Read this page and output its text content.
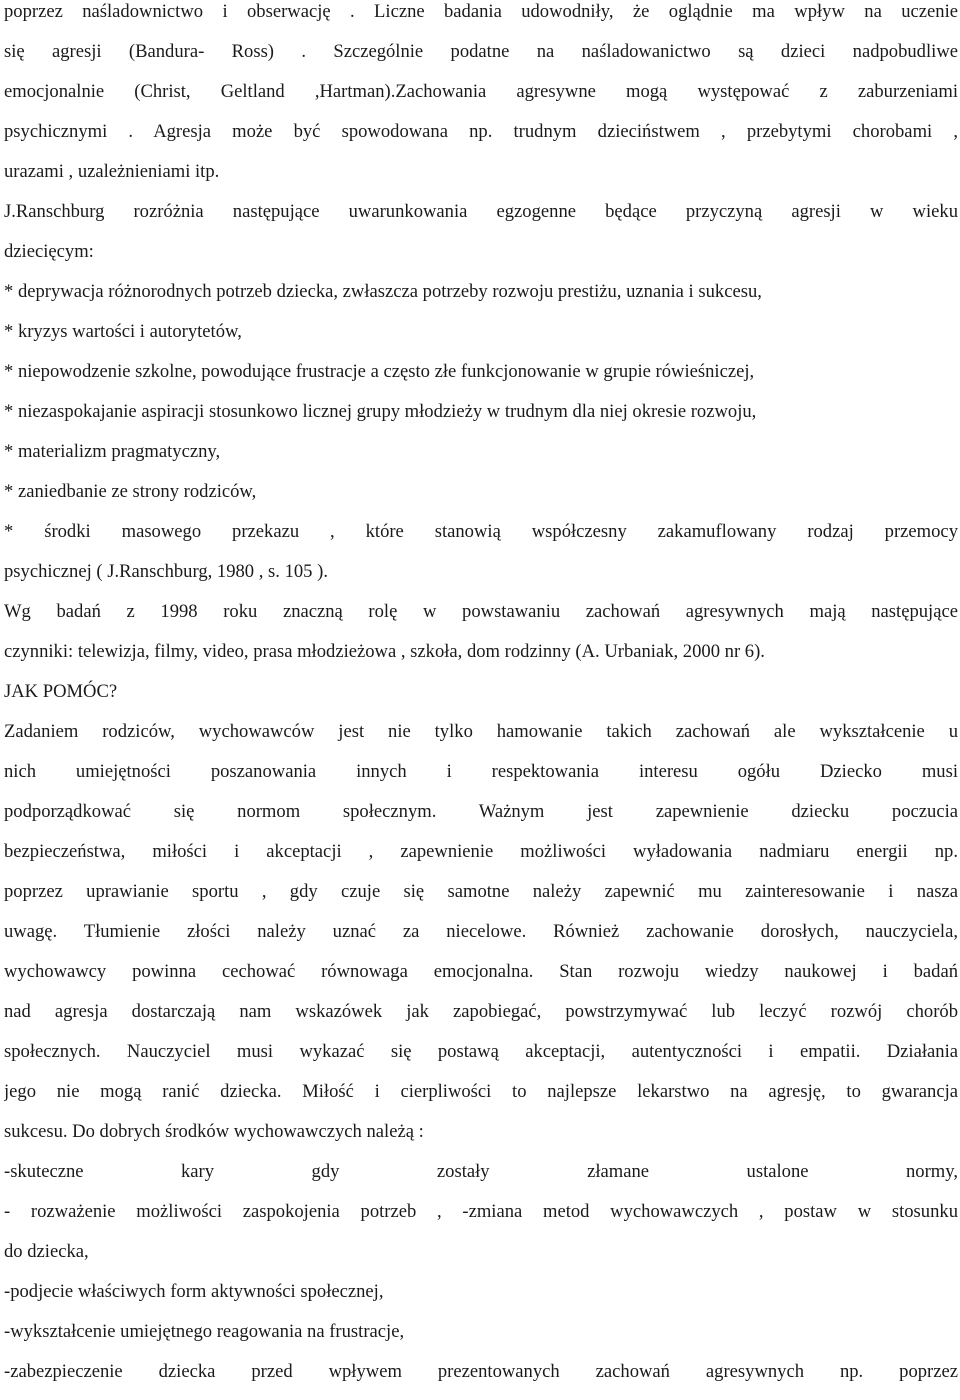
poprzez naśladownictwo i obserwację . Liczne badania udowodniły, że oglądnie ma wpływ na uczenie
się agresji (Bandura- Ross) . Szczególnie podatne na naśladowanictwo są dzieci nadpobudliwe
emocjonalnie (Christ, Geltland ,Hartman).Zachowania agresywne mogą występować z zaburzeniami
psychicznymi . Agresja może być spowodowana np. trudnym dzieciństwem , przebytymi chorobami ,
urazami , uzależnieniami itp.

J.Ranschburg rozróżnia następujące uwarunkowania egzogenne będące przyczyną agresji w wieku
dziecięcym:

* deprywacja różnorodnych potrzeb dziecka, zwłaszcza potrzeby rozwoju prestiżu, uznania i sukcesu,
* kryzys wartości i autorytetów,
* niepowodzenie szkolne, powodujące frustracje a często złe funkcjonowanie w grupie rówieśniczej,
* niezaspokajanie aspiracji stosunkowo licznej grupy młodzieży w trudnym dla niej okresie rozwoju,
* materializm pragmatyczny,
* zaniedbanie ze strony rodziców,
* środki masowego przekazu , które stanowią współczesny zakamuflowany rodzaj przemocy
psychicznej ( J.Ranschburg, 1980 , s. 105 ).

Wg badań z 1998 roku znaczną rolę w powstawaniu zachowań agresywnych mają następujące
czynniki: telewizja, filmy, video, prasa młodzieżowa , szkoła, dom rodzinny (A. Urbaniak, 2000 nr 6).

JAK POMÓC?

Zadaniem rodziców, wychowawców jest nie tylko hamowanie takich zachowań ale wykształcenie u
nich umiejętności poszanowania innych i respektowania interesu ogółu Dziecko musi
podporządkować się normom społecznym. Ważnym jest zapewnienie dziecku poczucia
bezpieczeństwa, miłości i akceptacji , zapewnienie możliwości wyładowania nadmiaru energii np.
poprzez uprawianie sportu , gdy czuje się samotne należy zapewnić mu zainteresowanie i nasza
uwagę. Tłumienie złości należy uznać za niecelowe. Również zachowanie dorosłych, nauczyciela,
wychowawcy powinna cechować równowaga emocjonalna. Stan rozwoju wiedzy naukowej i badań
nad agresja dostarczają nam wskazówek jak zapobiegać, powstrzymywać lub leczyć rozwój chorób
społecznych. Nauczyciel musi wykazać się postawą akceptacji, autentyczności i empatii. Działania
jego nie mogą ranić dziecka. Miłość i cierpliwości to najlepsze lekarstwo na agresję, to gwarancja
sukcesu. Do dobrych środków wychowawczych należą :

-skuteczne kary gdy zostały złamane ustalone normy,
- rozważenie możliwości zaspokojenia potrzeb , -zmiana metod wychowawczych , postaw w stosunku
do dziecka,
-podjecie właściwych form aktywności społecznej,
-wykształcenie umiejętnego reagowania na frustracje,
-zabezpieczenie dziecka przed wpływem prezentowanych zachowań agresywnych np. poprzez
